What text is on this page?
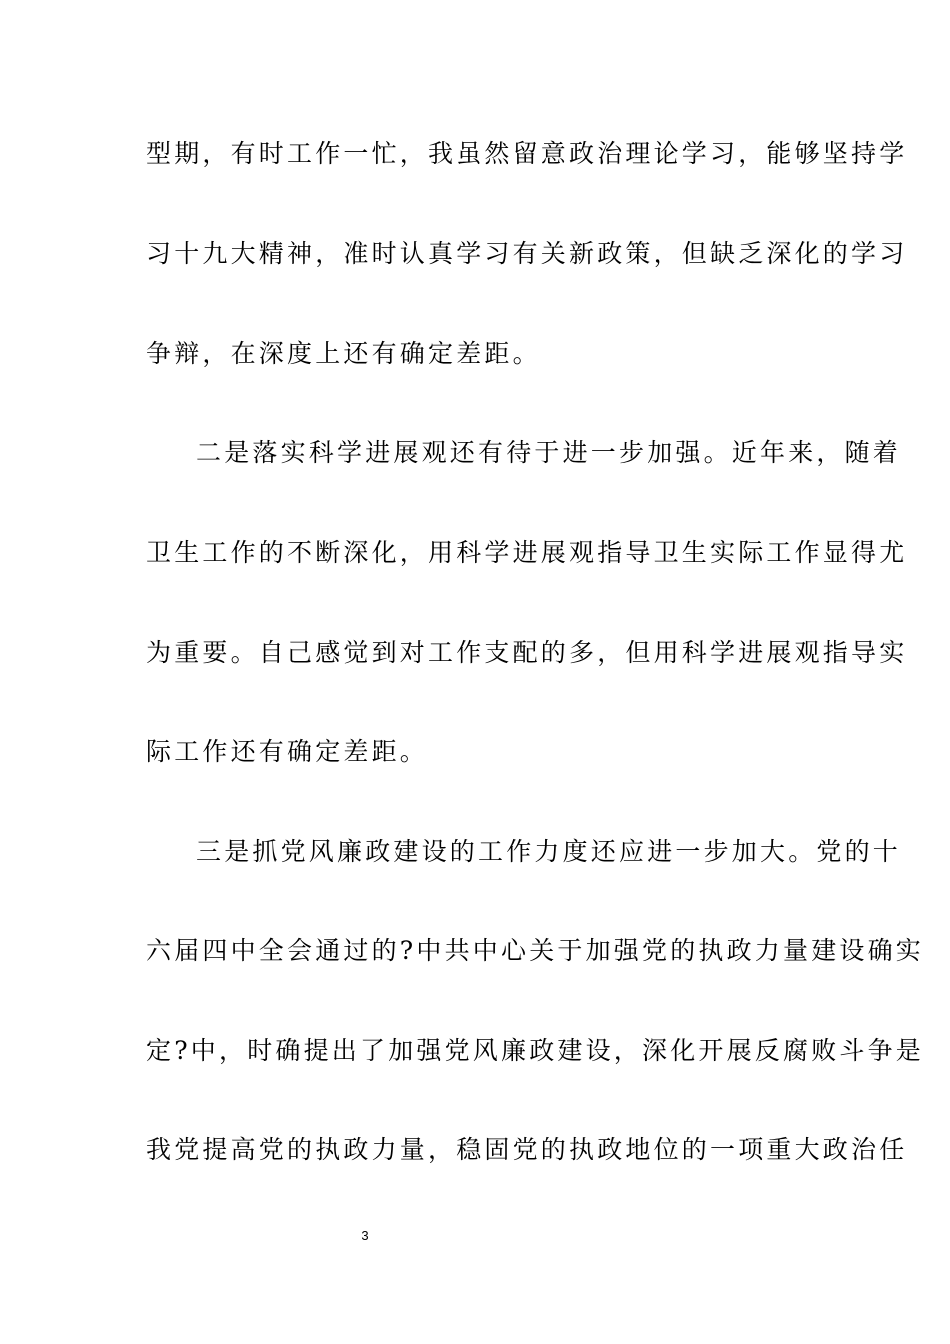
型期，有时工作一忙，我虽然留意政治理论学习，能够坚持学
习十九大精神，准时认真学习有关新政策，但缺乏深化的学习
争辩，在深度上还有确定差距。
二是落实科学进展观还有待于进一步加强。近年来，随着
卫生工作的不断深化，用科学进展观指导卫生实际工作显得尤
为重要。自己感觉到对工作支配的多，但用科学进展观指导实
际工作还有确定差距。
三是抓党风廉政建设的工作力度还应进一步加大。党的十
六届四中全会通过的?中共中心关于加强党的执政力量建设确实
定?中，时确提出了加强党风廉政建设，深化开展反腐败斗争是
我党提高党的执政力量，稳固党的执政地位的一项重大政治任
3
